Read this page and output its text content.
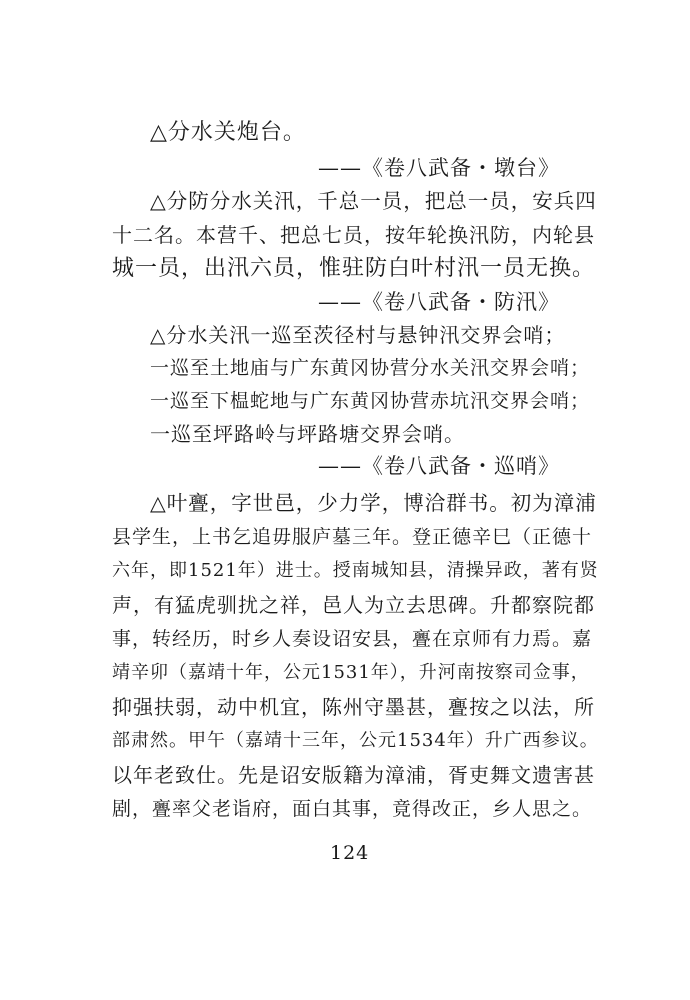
△分水关炮台。
——《卷八武备・墩台》
△分防分水关汛，千总一员，把总一员，安兵四
十二名。本营千、把总七员，按年轮换汛防，内轮县
城一员，出汛六员，惟驻防白叶村汛一员无换。
——《卷八武备・防汛》
△分水关汛一巡至茨径村与悬钟汛交界会哨；
一巡至土地庙与广东黄冈协营分水关汛交界会哨；
一巡至下榅蛇地与广东黄冈协营赤坑汛交界会哨；
一巡至坪路岭与坪路塘交界会哨。
——《卷八武备・巡哨》
△叶亹，字世邑，少力学，博洽群书。初为漳浦
县学生，上书乞追毋服庐墓三年。登正德辛巳（正德十
六年，即1521年）进士。授南城知县，清操异政，著有贤
声，有猛虎驯扰之祥，邑人为立去思碑。升都察院都
事，转经历，时乡人奏设诏安县，亹在京师有力焉。嘉
靖辛卯（嘉靖十年，公元1531年），升河南按察司佥事，
抑强扶弱，动中机宜，陈州守墨甚，亹按之以法，所
部肃然。甲午（嘉靖十三年，公元1534年）升广西参议。
以年老致仕。先是诏安版籍为漳浦，胥吏舞文遗害甚
剧，亹率父老诣府，面白其事，竟得改正，乡人思之。
124
